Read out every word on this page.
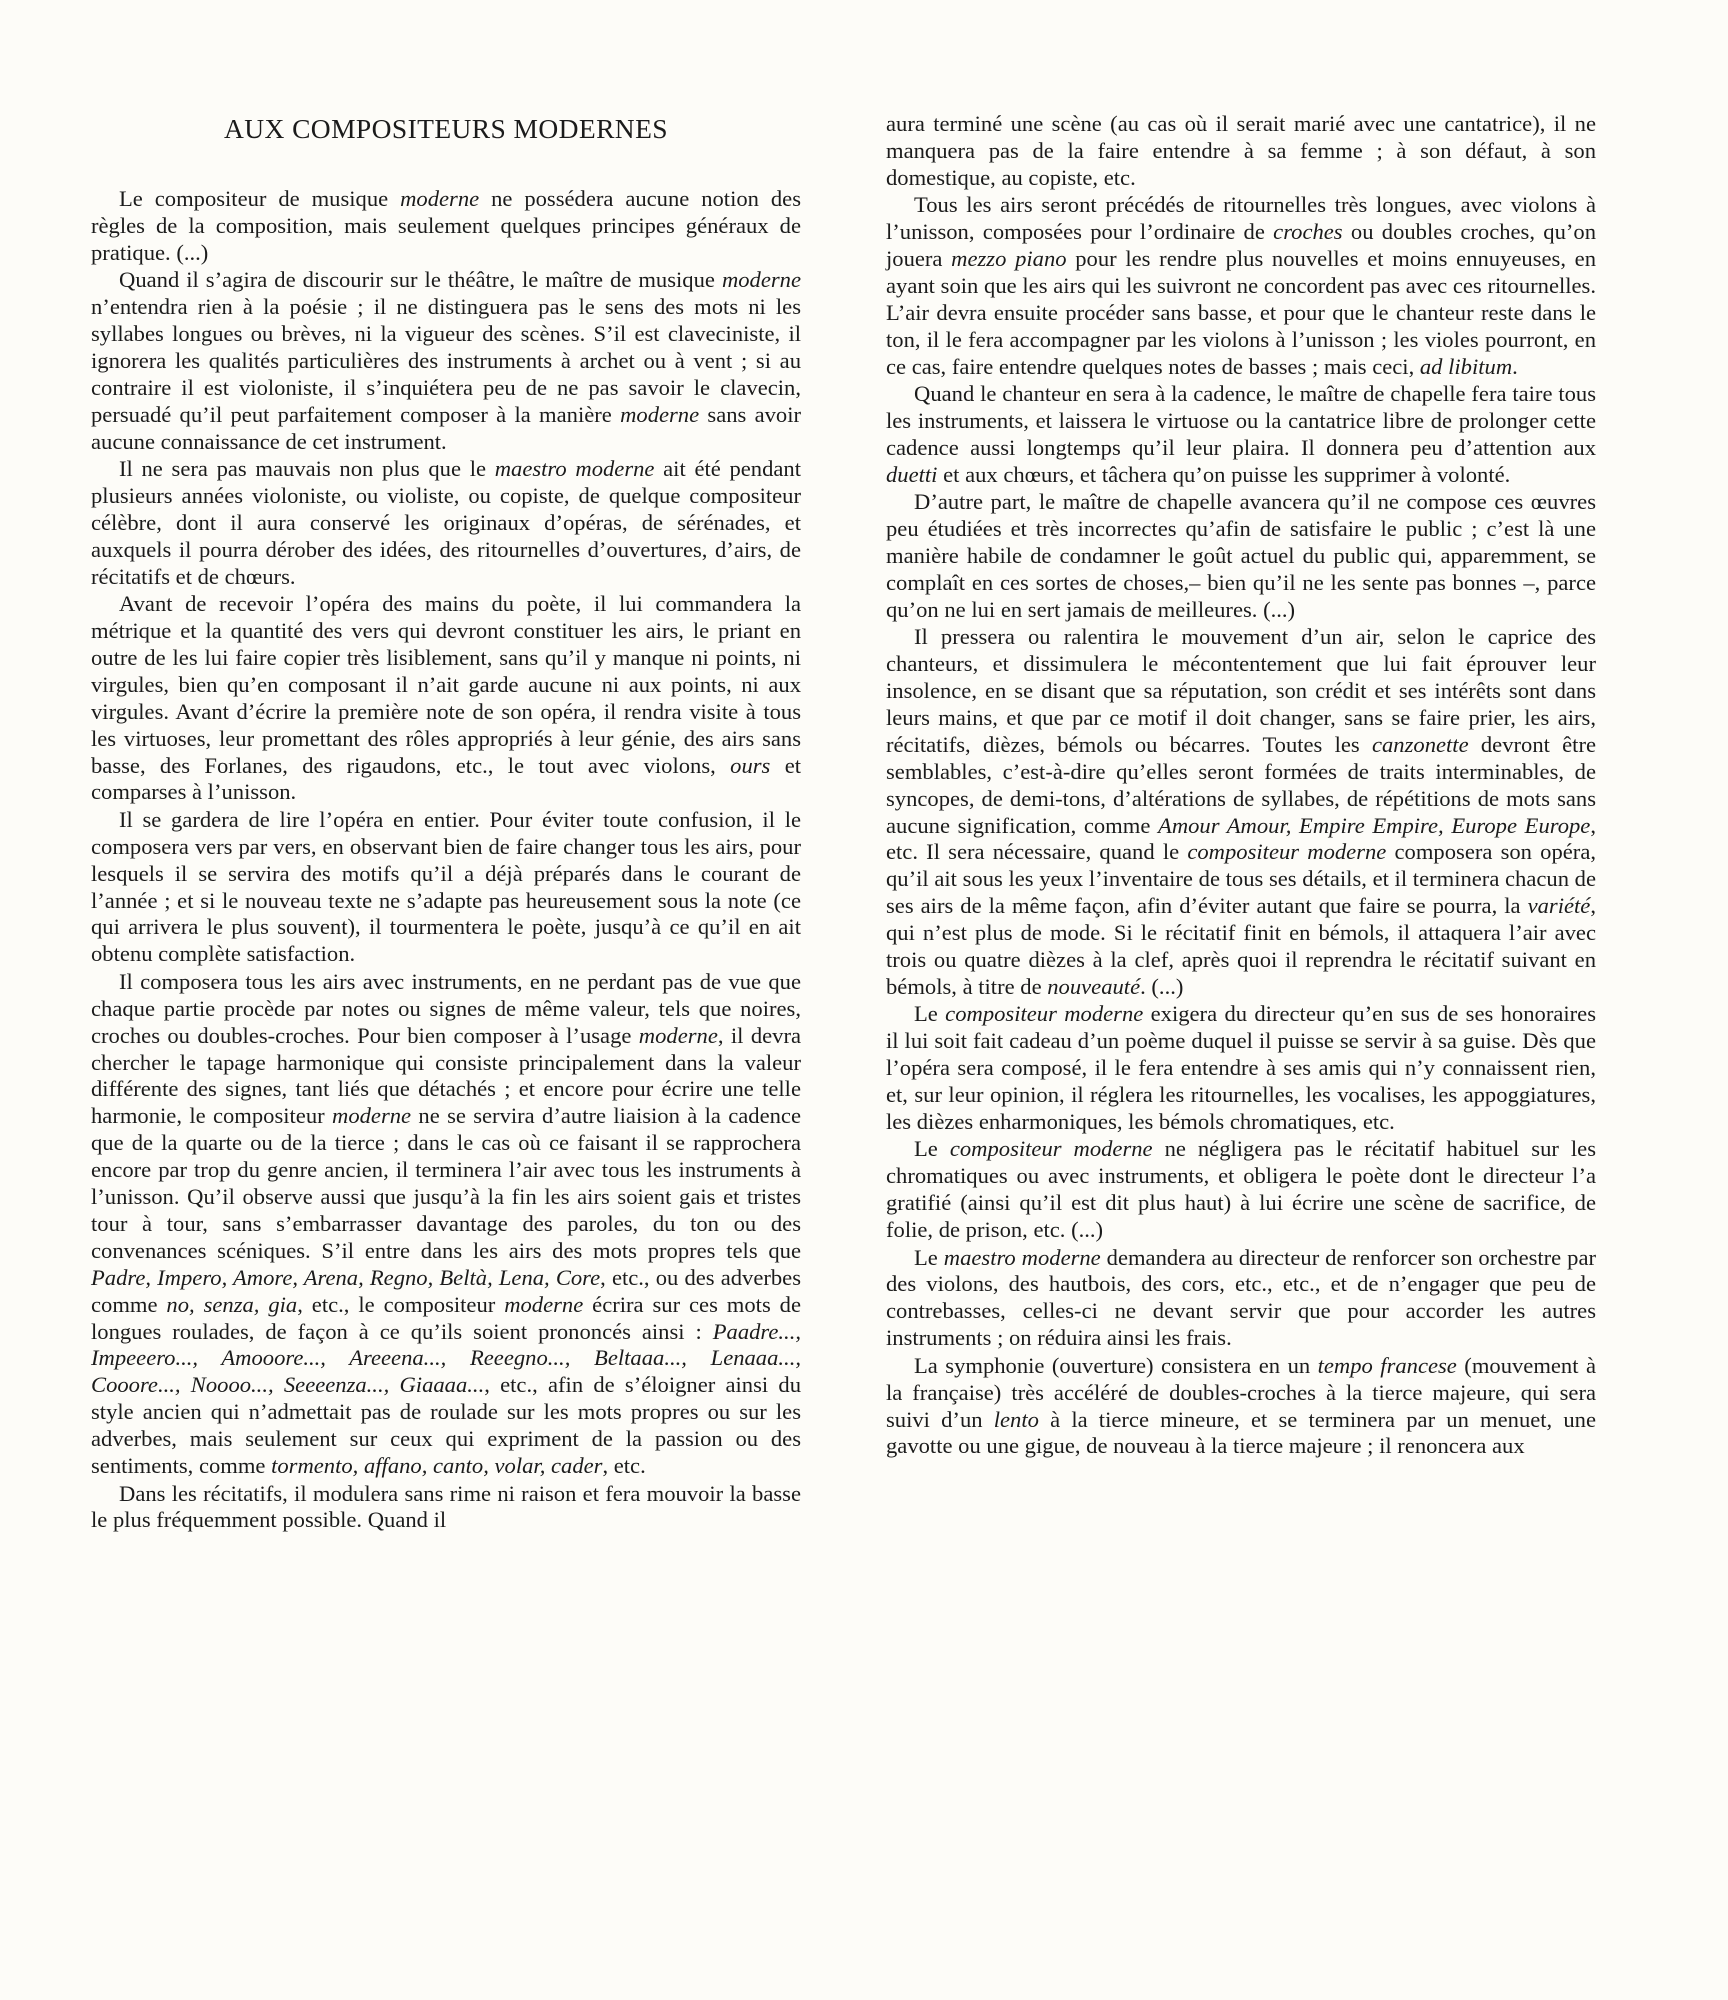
AUX COMPOSITEURS MODERNES

Le compositeur de musique moderne ne possédera aucune notion des règles de la composition, mais seulement quelques principes généraux de pratique. (...)

Quand il s’agira de discourir sur le théâtre, le maître de musique moderne n’entendra rien à la poésie ; il ne distinguera pas le sens des mots ni les syllabes longues ou brèves, ni la vigueur des scènes. S’il est claveciniste, il ignorera les qualités particulières des instruments à archet ou à vent ; si au contraire il est violoniste, il s’inquiétera peu de ne pas savoir le clavecin, persuadé qu’il peut parfaitement composer à la manière moderne sans avoir aucune connaissance de cet instrument.

Il ne sera pas mauvais non plus que le maestro moderne ait été pendant plusieurs années violoniste, ou violiste, ou copiste, de quelque compositeur célèbre, dont il aura conservé les originaux d’opéras, de sérénades, et auxquels il pourra dérober des idées, des ritournelles d’ouvertures, d’airs, de récitatifs et de chœurs.

Avant de recevoir l’opéra des mains du poète, il lui commandera la métrique et la quantité des vers qui devront constituer les airs, le priant en outre de les lui faire copier très lisiblement, sans qu’il y manque ni points, ni virgules, bien qu’en composant il n’ait garde aucune ni aux points, ni aux virgules. Avant d’écrire la première note de son opéra, il rendra visite à tous les virtuoses, leur promettant des rôles appropriés à leur génie, des airs sans basse, des Forlanes, des rigaudons, etc., le tout avec violons, ours et comparses à l’unisson.

Il se gardera de lire l’opéra en entier. Pour éviter toute confusion, il le composera vers par vers, en observant bien de faire changer tous les airs, pour lesquels il se servira des motifs qu’il a déjà préparés dans le courant de l’année ; et si le nouveau texte ne s’adapte pas heureusement sous la note (ce qui arrivera le plus souvent), il tourmentera le poète, jusqu’à ce qu’il en ait obtenu complète satisfaction.

Il composera tous les airs avec instruments, en ne perdant pas de vue que chaque partie procède par notes ou signes de même valeur, tels que noires, croches ou doubles-croches. Pour bien composer à l’usage moderne, il devra chercher le tapage harmonique qui consiste principalement dans la valeur différente des signes, tant liés que détachés ; et encore pour écrire une telle harmonie, le compositeur moderne ne se servira d’autre liaision à la cadence que de la quarte ou de la tierce ; dans le cas où ce faisant il se rapprochera encore par trop du genre ancien, il terminera l’air avec tous les instruments à l’unisson. Qu’il observe aussi que jusqu’à la fin les airs soient gais et tristes tour à tour, sans s’embarrasser davantage des paroles, du ton ou des convenances scéniques. S’il entre dans les airs des mots propres tels que Padre, Impero, Amore, Arena, Regno, Beltà, Lena, Core, etc., ou des adverbes comme no, senza, gia, etc., le compositeur moderne écrira sur ces mots de longues roulades, de façon à ce qu’ils soient prononcés ainsi : Paadre..., Impeeero..., Amooore..., Areeena..., Reeegno..., Beltaaa..., Lenaaa..., Cooore..., Noooo..., Seeeenza..., Giaaaa..., etc., afin de s’éloigner ainsi du style ancien qui n’admettait pas de roulade sur les mots propres ou sur les adverbes, mais seulement sur ceux qui expriment de la passion ou des sentiments, comme tormento, affano, canto, volar, cader, etc.

Dans les récitatifs, il modulera sans rime ni raison et fera mouvoir la basse le plus fréquemment possible. Quand il

aura terminé une scène (au cas où il serait marié avec une cantatrice), il ne manquera pas de la faire entendre à sa femme ; à son défaut, à son domestique, au copiste, etc.

Tous les airs seront précédés de ritournelles très longues, avec violons à l’unisson, composées pour l’ordinaire de croches ou doubles croches, qu’on jouera mezzo piano pour les rendre plus nouvelles et moins ennuyeuses, en ayant soin que les airs qui les suivront ne concordent pas avec ces ritournelles. L’air devra ensuite procéder sans basse, et pour que le chanteur reste dans le ton, il le fera accompagner par les violons à l’unisson ; les violes pourront, en ce cas, faire entendre quelques notes de basses ; mais ceci, ad libitum.

Quand le chanteur en sera à la cadence, le maître de chapelle fera taire tous les instruments, et laissera le virtuose ou la cantatrice libre de prolonger cette cadence aussi longtemps qu’il leur plaira. Il donnera peu d’attention aux duetti et aux chœurs, et tâchera qu’on puisse les supprimer à volonté.

D’autre part, le maître de chapelle avancera qu’il ne compose ces œuvres peu étudiées et très incorrectes qu’afin de satisfaire le public ; c’est là une manière habile de condamner le goût actuel du public qui, apparemment, se complaît en ces sortes de choses,– bien qu’il ne les sente pas bonnes –, parce qu’on ne lui en sert jamais de meilleures. (...)

Il pressera ou ralentira le mouvement d’un air, selon le caprice des chanteurs, et dissimulera le mécontentement que lui fait éprouver leur insolence, en se disant que sa réputation, son crédit et ses intérêts sont dans leurs mains, et que par ce motif il doit changer, sans se faire prier, les airs, récitatifs, dièzes, bémols ou bécarres. Toutes les canzonette devront être semblables, c’est-à-dire qu’elles seront formées de traits interminables, de syncopes, de demi-tons, d’altérations de syllabes, de répétitions de mots sans aucune signification, comme Amour Amour, Empire Empire, Europe Europe, etc. Il sera nécessaire, quand le compositeur moderne composera son opéra, qu’il ait sous les yeux l’inventaire de tous ses détails, et il terminera chacun de ses airs de la même façon, afin d’éviter autant que faire se pourra, la variété, qui n’est plus de mode. Si le récitatif finit en bémols, il attaquera l’air avec trois ou quatre dièzes à la clef, après quoi il reprendra le récitatif suivant en bémols, à titre de nouveauté. (...)

Le compositeur moderne exigera du directeur qu’en sus de ses honoraires il lui soit fait cadeau d’un poème duquel il puisse se servir à sa guise. Dès que l’opéra sera composé, il le fera entendre à ses amis qui n’y connaissent rien, et, sur leur opinion, il réglera les ritournelles, les vocalises, les appoggiatures, les dièzes enharmoniques, les bémols chromatiques, etc.

Le compositeur moderne ne négligera pas le récitatif habituel sur les chromatiques ou avec instruments, et obligera le poète dont le directeur l’a gratifié (ainsi qu’il est dit plus haut) à lui écrire une scène de sacrifice, de folie, de prison, etc. (...)

Le maestro moderne demandera au directeur de renforcer son orchestre par des violons, des hautbois, des cors, etc., etc., et de n’engager que peu de contrebasses, celles-ci ne devant servir que pour accorder les autres instruments ; on réduira ainsi les frais.

La symphonie (ouverture) consistera en un tempo francese (mouvement à la française) très accéléré de doubles-croches à la tierce majeure, qui sera suivi d’un lento à la tierce mineure, et se terminera par un menuet, une gavotte ou une gigue, de nouveau à la tierce majeure ; il renoncera aux
